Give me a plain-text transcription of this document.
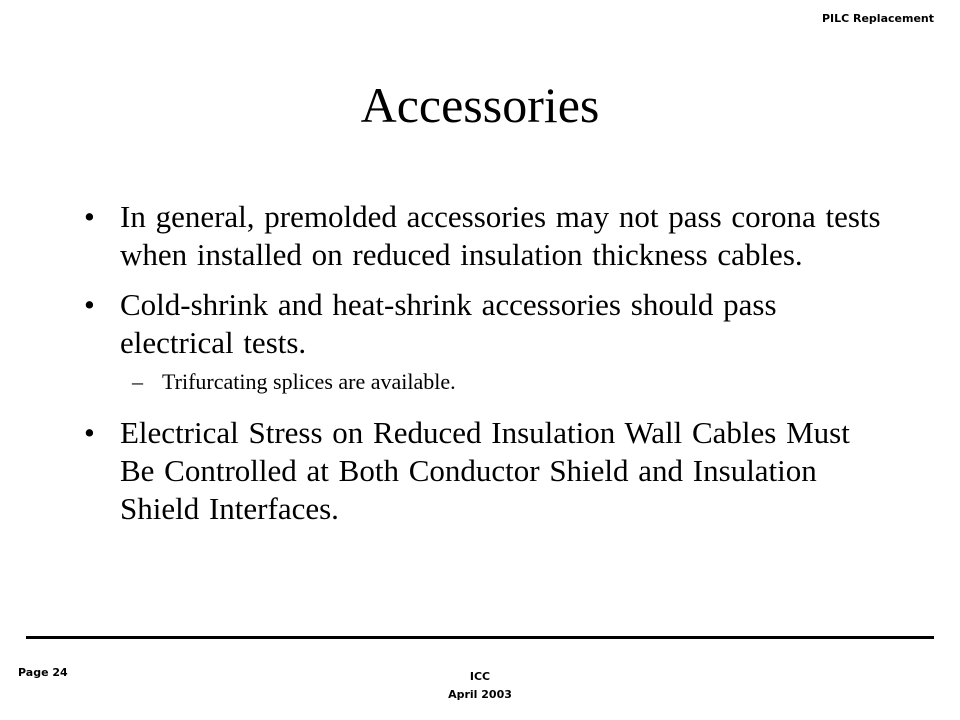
PILC Replacement
Accessories
• In general, premolded accessories may not pass corona tests when installed on reduced insulation thickness cables.
• Cold-shrink and heat-shrink accessories should pass electrical tests.
– Trifurcating splices are available.
• Electrical Stress on Reduced Insulation Wall Cables Must Be Controlled at Both Conductor Shield and Insulation Shield Interfaces.
Page 24	ICC
April 2003
